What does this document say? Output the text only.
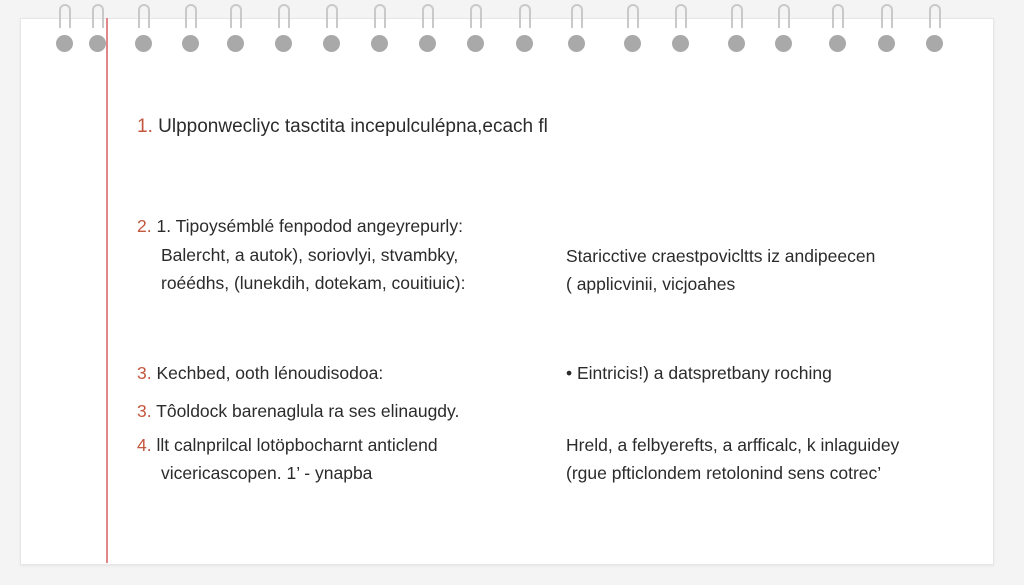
1. Ulpponwecliyc tasctita incepulculépna,ecach fl
2. 1. Tipoysémblé fenpodod angeyrepurly:
Balercht, a autok), soriovlyi, stvambky,
roéédhs, (lunekdih, dotekam, couitiuic):
Staricctive craestpovicltts iz andipeecen
( applicvinii, vicjoahes
3. Kechbed, ooth lénoudisodoa:	• Eintricis!) a datspretbany roching
3. Tôoldock barenaglula ra ses elinaugdy.
4. llt calnprilcal lotöpbocharnt anticlend
vicericascopen. 1’ - ynapba
Hreld, a felbyerefts, a arfficalc, k inlaguidey
(rgue pfticlondem retolonind sens cotrec’
